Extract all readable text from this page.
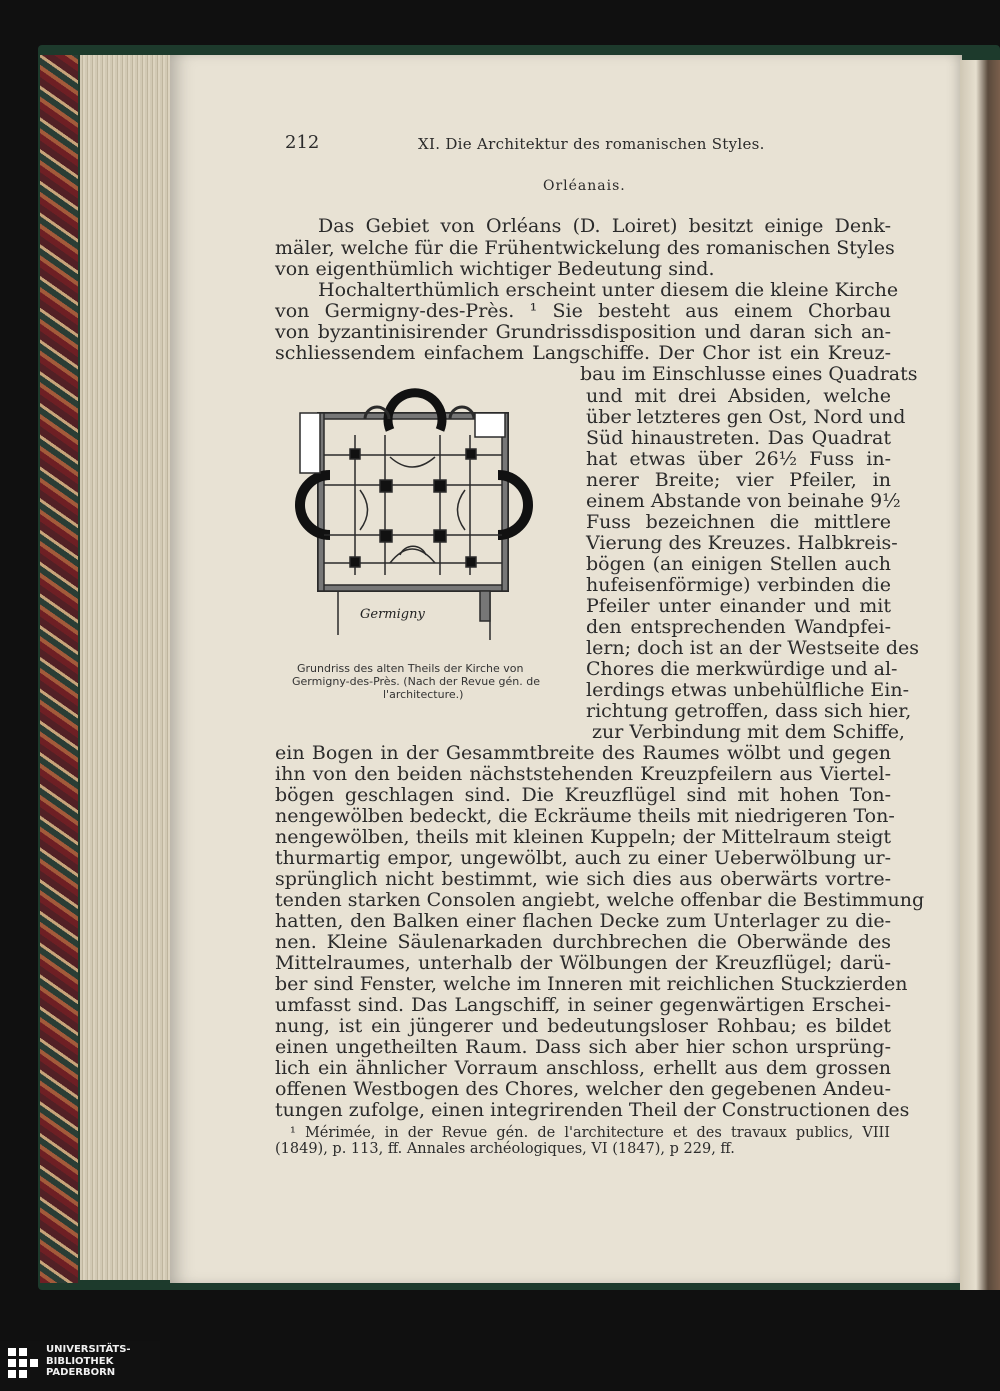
212	XI. Die Architektur des romanischen Styles.
Orléanais.
Das Gebiet von Orléans (D. Loiret) besitzt einige Denk-
mäler, welche für die Frühentwickelung des romanischen Styles
von eigenthümlich wichtiger Bedeutung sind.
Hochalterthümlich erscheint unter diesem die kleine Kirche
von Germigny-des-Près. ¹ Sie besteht aus einem Chorbau
von byzantinisirender Grundrissdisposition und daran sich an-
schliessendem einfachem Langschiffe. Der Chor ist ein Kreuz-
bau im Einschlusse eines Quadrats
und mit drei Absiden, welche
über letzteres gen Ost, Nord und
Süd hinaustreten. Das Quadrat
hat etwas über 26½ Fuss in-
nerer Breite; vier Pfeiler, in
einem Abstande von beinahe 9½
Fuss bezeichnen die mittlere
Vierung des Kreuzes. Halbkreis-
bögen (an einigen Stellen auch
hufeisenförmige) verbinden die
Pfeiler unter einander und mit
den entsprechenden Wandpfei-
lern; doch ist an der Westseite des
Chores die merkwürdige und al-
lerdings etwas unbehülfliche Ein-
richtung getroffen, dass sich hier,
zur Verbindung mit dem Schiffe,
Germigny
Grundriss des alten Theils der Kirche von
Germigny-des-Près. (Nach der Revue gén. de
l'architecture.)
ein Bogen in der Gesammtbreite des Raumes wölbt und gegen
ihn von den beiden nächststehenden Kreuzpfeilern aus Viertel-
bögen geschlagen sind. Die Kreuzflügel sind mit hohen Ton-
nengewölben bedeckt, die Eckräume theils mit niedrigeren Ton-
nengewölben, theils mit kleinen Kuppeln; der Mittelraum steigt
thurmartig empor, ungewölbt, auch zu einer Ueberwölbung ur-
sprünglich nicht bestimmt, wie sich dies aus oberwärts vortre-
tenden starken Consolen angiebt, welche offenbar die Bestimmung
hatten, den Balken einer flachen Decke zum Unterlager zu die-
nen. Kleine Säulenarkaden durchbrechen die Oberwände des
Mittelraumes, unterhalb der Wölbungen der Kreuzflügel; darü-
ber sind Fenster, welche im Inneren mit reichlichen Stuckzierden
umfasst sind. Das Langschiff, in seiner gegenwärtigen Erschei-
nung, ist ein jüngerer und bedeutungsloser Rohbau; es bildet
einen ungetheilten Raum. Dass sich aber hier schon ursprüng-
lich ein ähnlicher Vorraum anschloss, erhellt aus dem grossen
offenen Westbogen des Chores, welcher den gegebenen Andeu-
tungen zufolge, einen integrirenden Theil der Constructionen des
¹ Mérimée, in der Revue gén. de l'architecture et des travaux publics, VIII
(1849), p. 113, ff. Annales archéologiques, VI (1847), p 229, ff.
UNIVERSITÄTS-
BIBLIOTHEK
PADERBORN
